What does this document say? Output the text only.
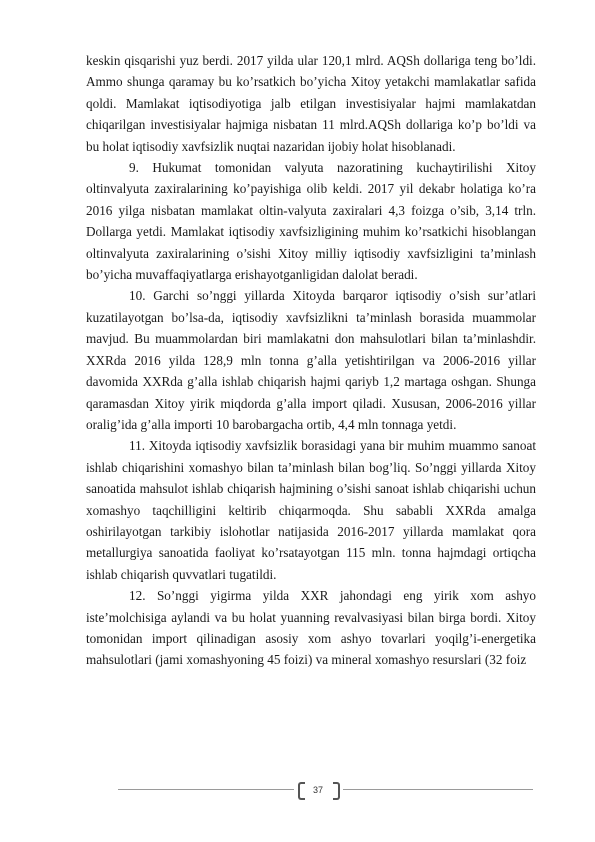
keskin qisqarishi yuz berdi. 2017 yilda ular 120,1 mlrd. AQSh dollariga teng bo’ldi. Ammo shunga qaramay bu ko’rsatkich bo’yicha Xitoy yetakchi mamlakatlar safida qoldi. Mamlakat iqtisodiyotiga jalb etilgan investisiyalar hajmi mamlakatdan chiqarilgan investisiyalar hajmiga nisbatan 11 mlrd.AQSh dollariga ko’p bo’ldi va bu holat iqtisodiy xavfsizlik nuqtai nazaridan ijobiy holat hisoblanadi.

9. Hukumat tomonidan valyuta nazoratining kuchaytirilishi Xitoy oltinvalyuta zaxiralarining ko’payishiga olib keldi. 2017 yil dekabr holatiga ko’ra 2016 yilga nisbatan mamlakat oltin-valyuta zaxiralari 4,3 foizga o’sib, 3,14 trln. Dollarga yetdi. Mamlakat iqtisodiy xavfsizligining muhim ko’rsatkichi hisoblangan oltinvalyuta zaxiralarining o’sishi Xitoy milliy iqtisodiy xavfsizligini ta’minlash bo’yicha muvaffaqiyatlarga erishayotganligidan dalolat beradi.

10. Garchi so’nggi yillarda Xitoyda barqaror iqtisodiy o’sish sur’atlari kuzatilayotgan bo’lsa-da, iqtisodiy xavfsizlikni ta’minlash borasida muammolar mavjud. Bu muammolardan biri mamlakatni don mahsulotlari bilan ta’minlashdir. XXRda 2016 yilda 128,9 mln tonna g’alla yetishtirilgan va 2006-2016 yillar davomida XXRda g’alla ishlab chiqarish hajmi qariyb 1,2 martaga oshgan. Shunga qaramasdan Xitoy yirik miqdorda g’alla import qiladi. Xususan, 2006-2016 yillar oralig’ida g’alla importi 10 barobargacha ortib, 4,4 mln tonnaga yetdi.

11. Xitoyda iqtisodiy xavfsizlik borasidagi yana bir muhim muammo sanoat ishlab chiqarishini xomashyo bilan ta’minlash bilan bog’liq. So’nggi yillarda Xitoy sanoatida mahsulot ishlab chiqarish hajmining o’sishi sanoat ishlab chiqarishi uchun xomashyo taqchilligini keltirib chiqarmoqda. Shu sababli XXRda amalga oshirilayotgan tarkibiy islohotlar natijasida 2016-2017 yillarda mamlakat qora metallurgiya sanoatida faoliyat ko’rsatayotgan 115 mln. tonna hajmdagi ortiqcha ishlab chiqarish quvvatlari tugatildi.

12. So’nggi yigirma yilda XXR jahondagi eng yirik xom ashyo iste’molchisiga aylandi va bu holat yuanning revalvasiyasi bilan birga bordi. Xitoy tomonidan import qilinadigan asosiy xom ashyo tovarlari yoqilg’i-energetika mahsulotlari (jami xomashyoning 45 foizi) va mineral xomashyo resurslari (32 foiz

37
